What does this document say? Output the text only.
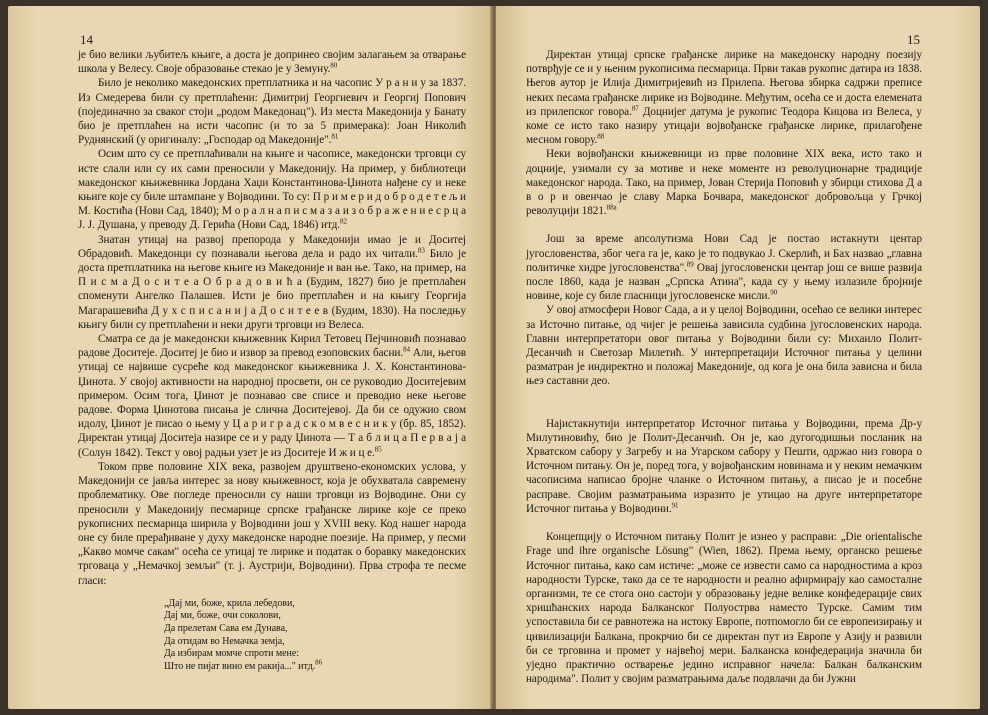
14

је био велики љубитељ књиге, а доста је допринео својим залагањем за отварање школа у Велесу. Своје образовање стекао је у Земуну.$^{80}$

Било је неколико македонских претплатника и на часопис У р а н и у за 1837. Из Смедерева били су претплаћени: Димитриј Георгиевич и Георгиј Попович (појединачно за сваког стоји „родом Македонац"). Из места Македонија у Банату био је претплаћен на исти часопис (и то за 5 примерака): Јоан Николић Руднянский (у оригиналу: „Господар од Македоније".$^{81}$

Осим што су се претплаћивали на књиге и часописе, македонски трговци су исте слали или су их сами преносили у Македонију. На пример, у библиотеци македонског књижевника Јордана Хаџи Константинова-Џинота нађене су и неке књиге које су биле штампане у Војводини. То су: П р и м е р и д о б р о д е т е љ и М. Костића (Нови Сад, 1840); М о р а л н а п и с м а з а и з о б р а ж е н и е с р ц а J. J. Душана, у преводу Д. Герића (Нови Сад, 1846) итд.$^{82}$

Знатан утицај на развој препорода у Македонији имао је и Доситеј Обрадовић. Македонци су познавали његова дела и радо их читали.$^{83}$ Било је доста претплатника на његове књиге из Македоније и ван ње. Тако, на пример, на П и с м а Д о с и т е а О б р а д о в и ћ а (Будим, 1827) био је претплаћен споменути Ангелко Палашев. Исти је био претплаћен и на књигу Георгија Магарашевића Д у х с п и с а н и ј а Д о с и т е е в (Будим, 1830). На последњу књигу били су претплаћени и неки други трговци из Велеса.

Сматра се да је македонски књижевник Кирил Тетовец Пејчиновић познавао радове Доситеје. Доситеј је био и извор за превод езоповских басни.$^{84}$ Али, његов утицај се највише сусреће код македонског књижевника Ј. Х. Константинова-Џинота. У својој активности на народној просвети, он се руководио Доситејевим примером. Осим тога, Џинот је познавао све списе и преводио неке његове радове. Форма Џинотова писања је слична Доситејевој. Да би се одужио свом идолу, Џинот је писао о њему у Ц а р и г р а д с к о м в е с н и к у (бр. 85, 1852). Директан утицај Доситеја назире се и у раду Џинота — Т а б л и ц а П е р в а ј а (Солун 1842). Текст у овој радњи узет је из Доситеје И ж и ц е.$^{85}$

Током прве половине XIX века, развојем друштвено-економских услова, у Македонији се јавља интерес за нову књижевност, која је обухватала савремену проблематику. Ове погледе преносили су наши трговци из Војводине. Они су преносили у Македонију песмарице српске грађанске лирике које се преко рукописних песмарица ширила у Војводини још у XVIII веку. Код нашег народа оне су биле прерађиване у духу македонске народне поезије. На пример, у песми „Какво момче сакам" осећа се утицај те лирике и податак о боравку македонских трговаца у „Немачкој земљи" (т. ј. Аустрији, Војводини). Прва строфа те песме гласи:

„Дај ми, боже, крила лебедови,
Дај ми, боже, очи соколови,
Да прелетам Сава ем Дунава,
Да отидам во Немачка земја,
Да избирам момче спроти мене:
Што не пијат вино ем ракија..." итд.$^{86}$
15

Директан утицај српске грађанске лирике на македонску народну поезију потврђује се и у њеним рукописима песмарица. Први такав рукопис датира из 1838. Његов аутор је Илија Димитријевић из Прилепа. Његова збирка садржи преписе неких песама грађанске лирике из Војводине. Међутим, осећа се и доста елемената из прилепског говора.$^{87}$ Доцнијег датума је рукопис Теодора Кицова из Велеса, у коме се исто тако назиру утицаји војвођанске грађанске лирике, прилагођене месном говору.$^{88}$

Неки војвођански књижевници из прве половине XIX века, исто тако и доцније, узимали су за мотиве и неке моменте из револуционарне традиције македонског народа. Тако, на пример, Јован Стерија Поповић у збирци стихова Д а в о р и овенчао је славу Марка Бочвара, македонског добровољца у Грчкој револуцији 1821.$^{88а}$

Још за време апсолутизма Нови Сад је постао истакнути центар југословенства, због чега га је, како је то подвукао Ј. Скерлић, и Бах назвао „главна политичке хидре југословенства".$^{89}$ Овај југословенски центар још се више развија после 1860, када је назван „Српска Атина", када су у њему излазиле бројније новине, које су биле гласници југословенске мисли.$^{90}$

У овој атмосфери Новог Сада, а и у целој Војводини, осећао се велики интерес за Источно питање, од чијег је решења зависила судбина југословенских народа. Главни интерпретатори овог питања у Војводини били су: Михаило Полит-Десанчић и Светозар Милетић. У интерпретацији Источног питања у целини разматран је индиректно и положај Македоније, од кога је она била зависна и била њеэ саставни део.

Најистакнутији интерпретатор Источног питања у Војводини, према Др-у Милутиновићу, био је Полит-Десанчић. Он је, као дугогодишњи посланик на Хрватском сабору у Загребу и на Угарском сабору у Пешти, одржао низ говора о Источном питању. Он је, поред тога, у војвођанским новинама и у неким немачким часописима написао бројне чланке о Источном питању, а писао је и посебне расправе. Својим разматрањима изразито је утицао на друге интерпретаторе Источног питања у Војводини.$^{91}$

Концепцију о Источном питању Полит је изнео у расправи: „Die orientalische Frage und ihre organische Lösung" (Wien, 1862). Према њему, органско решење Источног питања, како сам истиче: „може се извести само са народностима а кроз народности Турске, тако да се те народности и реално афирмирају као самосталне организми, те се стога оно састоји у образовању једне велике конфедерације свих хришћанских народа Балканског Полуострва наместо Турске. Самим тим успоставила би се равнотежа на истоку Европе, потпомогло би се европеизирању и цивилизацији Балкана, прокрчио би се директан пут из Европе у Азију и развили би се трговина и промет у највећој мери. Балканска конфедерација значила би уједно практично остварење једино исправног начела: Балкан балканским народима". Полит у својим разматрањима даље подвлачи да би Јужни
